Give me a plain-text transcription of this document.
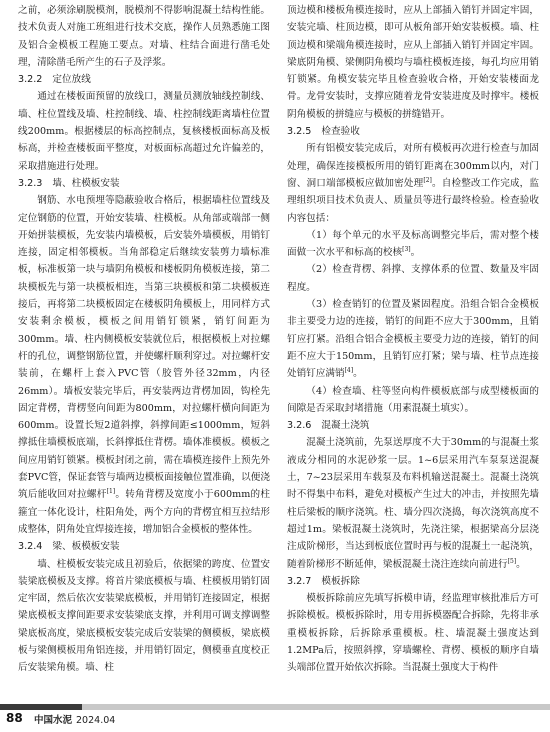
之前，必须涂刷脱模剂，脱模剂不得影响混凝土结构性能。技术负责人对施工班组进行技术交底，操作人员熟悉施工图及铝合金模板工程施工要点。对墙、柱结合面进行凿毛处理，清除凿毛所产生的石子及浮浆。

3.2.2 定位放线

通过在楼板面预留的放线口，测量员测放轴线控制线、墙、柱位置线及墙、柱控制线、墙、柱控制线距离墙柱位置线200mm。根据楼层的标高控制点，复核楼板面标高及板标高，并检查楼板面平整度，对板面标高超过允许偏差的，采取措施进行处理。

3.2.3 墙、柱模板安装

钢筋、水电预埋等隐蔽验收合格后，根据墙柱位置线及定位钢筋的位置，开始安装墙、柱模板。从角部或端部一侧开始拼装模板，先安装内墙模板，后安装外墙模板，用销钉连接，固定相邻模板。当角部稳定后继续安装剪力墙标准板，标准板第一块与墙阴角模板和楼板阴角模板连接，第二块模板先与第一块模板相连，当第三块模板和第二块模板连接后，再将第二块模板固定在楼板阴角模板上，用同样方式安装剩余模板，模板之间用销钉锁紧，销钉间距为300mm。墙、柱内侧模板安装就位后，根据模板上对拉螺杆的孔位，调整钢筋位置，并使螺杆顺利穿过。对拉螺杆安装前，在螺杆上套入PVC管（胶管外径32mm，内径26mm）。墙板安装完毕后，再安装两边背楞加固，钩栓先固定背楞，背楞竖向间距为800mm，对拉螺杆横向间距为600mm。设置长短2道斜撑，斜撑间距≤1000mm，短斜撑抵住墙模板底端，长斜撑抵住背楞。墙体准模板。模板之间应用销钉锁紧。模板封闭之前，需在墙模连接件上预先外套PVC管，保证套管与墙两边模板面接触位置准确，以便浇筑后能收回对拉螺杆[1]。转角背楞及宽度小于600mm的柱箍宜一体化设计，柱阳角处，两个方向的背楞宜相互拉结形成整体，阴角处宜焊接连接，增加铝合金模板的整体性。

3.2.4 梁、板模板安装

墙、柱模板安装完成且初验后，依据梁的跨度、位置安装梁底模板及支撑。将首片梁底模板与墙、柱模板用销钉固定牢固，然后依次安装梁底模板，并用销钉连接固定，根据梁底模板支撑间距要求安装梁底支撑，并利用可调支撑调整梁底板高度，梁底模板安装完成后安装梁的侧模板，梁底模板与梁侧模板用角铝连接，并用销钉固定，侧模垂直度校正后安装梁角模。墙、柱

顶边模和楼板角模连接时，应从上部插入销钉并固定牢固，安装完墙、柱顶边模，即可从板角部开始安装板模。墙、柱顶边模和梁端角模连接时，应从上部插入销钉并固定牢固。梁底阴角模、梁侧阴角模均与墙柱模板连接，每孔均应用销钉锁紧。角模安装完毕且检查验收合格，开始安装楼面龙骨。龙骨安装时，支撑应随着龙骨安装进度及时撑牢。楼板阴角模板的拼缝应与模板的拼缝错开。

3.2.5 检查验收

所有铝模安装完成后，对所有模板再次进行检查与加固处理，确保连接模板所用的销钉距离在300mm以内，对门窗、洞口端部模板应做加密处理[2]。自检整改工作完成，监理组织项目技术负责人、质量员等进行最终检验。检查验收内容包括：

（1）每个单元的水平及标高调整完毕后，需对整个楼面做一次水平和标高的校核[3]。

（2）检查背楞、斜撑、支撑体系的位置、数量及牢固程度。

（3）检查销钉的位置及紧固程度。沿组合铝合金模板非主要受力边的连接，销钉的间距不应大于300mm，且销钉应打紧。沿组合铝合金模板主要受力边的连接，销钉的间距不应大于150mm，且销钉应打紧；梁与墙、柱节点连接处销钉应满销[4]。

（4）检查墙、柱等竖向构件模板底部与成型楼板面的间隙是否采取封堵措施（用素混凝土填实）。

3.2.6 混凝土浇筑

混凝土浇筑前，先泵送厚度不大于30mm的与混凝土浆液成分相同的水泥砂浆一层。1~6层采用汽车泵泵送混凝土，7~23层采用车载泵及布料机输送混凝土。混凝土浇筑时不得集中布料，避免对模板产生过大的冲击，并按照先墙柱后梁板的顺序浇筑。柱、墙分四次浇捣，每次浇筑高度不超过1m。梁板混凝土浇筑时，先浇注梁，根据梁高分层浇注成阶梯形，当达到板底位置时再与板的混凝土一起浇筑，随着阶梯形不断延伸，梁板混凝土浇注连续向前进行[5]。

3.2.7 模板拆除

模板拆除前应先填写拆模申请，经监理审核批准后方可拆除模板。模板拆除时，用专用拆模器配合拆除，先将非承重模板拆除，后拆除承重模板。柱、墙混凝土强度达到1.2MPa后，按照斜撑，穿墙螺栓、背楞、模板的顺序自墙头端部位置开始依次拆除。当混凝土强度大于构件

88 中国水泥 2024.04
